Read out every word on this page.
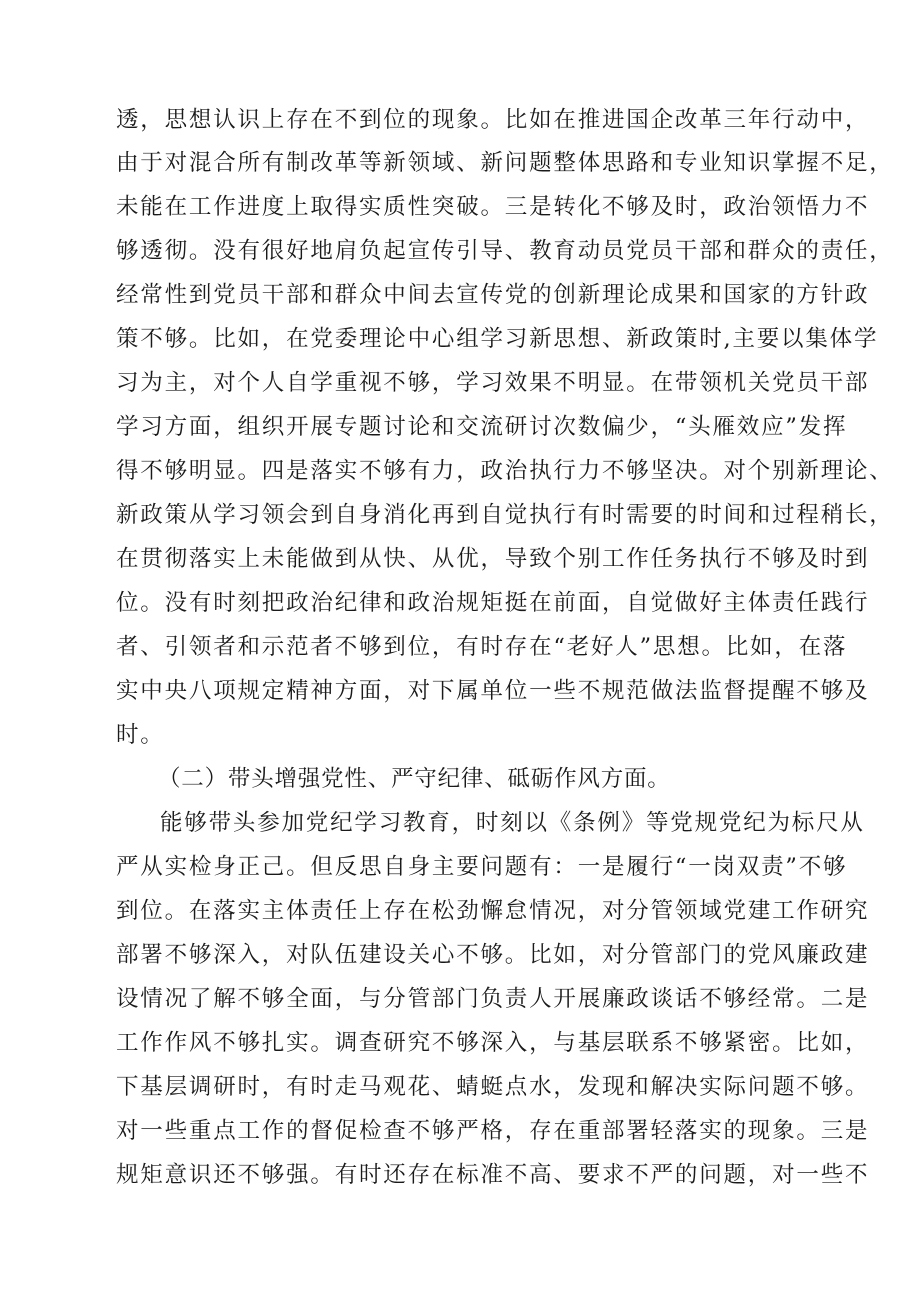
透，思想认识上存在不到位的现象。比如在推进国企改革三年行动中，
由于对混合所有制改革等新领域、新问题整体思路和专业知识掌握不足，
未能在工作进度上取得实质性突破。三是转化不够及时，政治领悟力不
够透彻。没有很好地肩负起宣传引导、教育动员党员干部和群众的责任，
经常性到党员干部和群众中间去宣传党的创新理论成果和国家的方针政
策不够。比如，在党委理论中心组学习新思想、新政策时,主要以集体学
习为主，对个人自学重视不够，学习效果不明显。在带领机关党员干部
学习方面，组织开展专题讨论和交流研讨次数偏少，“头雁效应”发挥
得不够明显。四是落实不够有力，政治执行力不够坚决。对个别新理论、
新政策从学习领会到自身消化再到自觉执行有时需要的时间和过程稍长，
在贯彻落实上未能做到从快、从优，导致个别工作任务执行不够及时到
位。没有时刻把政治纪律和政治规矩挺在前面，自觉做好主体责任践行
者、引领者和示范者不够到位，有时存在“老好人”思想。比如，在落
实中央八项规定精神方面，对下属单位一些不规范做法监督提醒不够及
时。
（二）带头增强党性、严守纪律、砥砺作风方面。
能够带头参加党纪学习教育，时刻以《条例》等党规党纪为标尺从
严从实检身正己。但反思自身主要问题有：一是履行“一岗双责”不够
到位。在落实主体责任上存在松劲懈怠情况，对分管领域党建工作研究
部署不够深入，对队伍建设关心不够。比如，对分管部门的党风廉政建
设情况了解不够全面，与分管部门负责人开展廉政谈话不够经常。二是
工作作风不够扎实。调查研究不够深入，与基层联系不够紧密。比如，
下基层调研时，有时走马观花、蜻蜓点水，发现和解决实际问题不够。
对一些重点工作的督促检查不够严格，存在重部署轻落实的现象。三是
规矩意识还不够强。有时还存在标准不高、要求不严的问题，对一些不
